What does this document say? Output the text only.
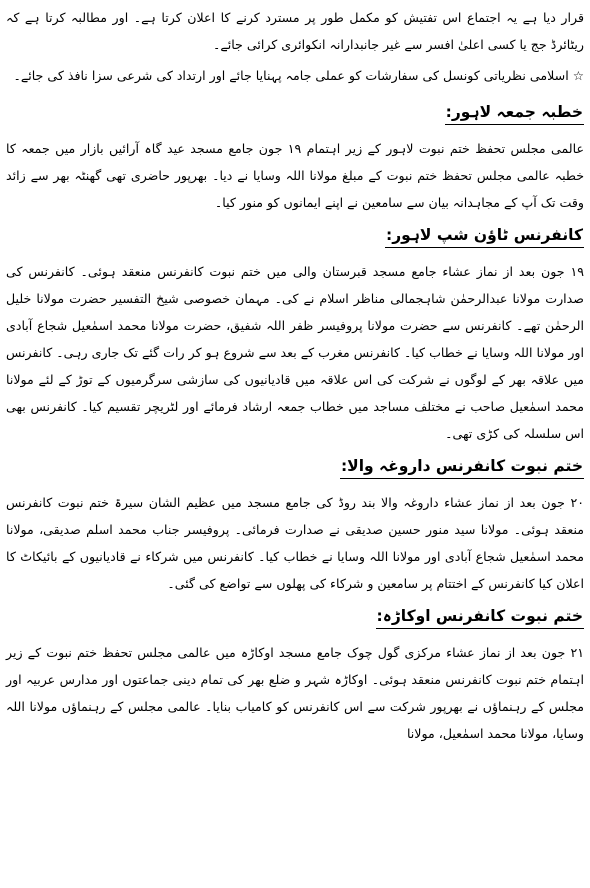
قرار دیا ہے یہ اجتماع اس تفتیش کو مکمل طور پر مسترد کرنے کا اعلان کرتا ہے۔ اور مطالبہ کرتا ہے کہ ریٹائرڈ جج یا کسی اعلیٰ افسر سے غیر جانبدارانہ انکوائری کرائی جائے۔

☆ اسلامی نظریاتی کونسل کی سفارشات کو عملی جامہ پہنایا جائے اور ارتداد کی شرعی سزا نافذ کی جائے۔

خطبہ جمعہ لاہور:

عالمی مجلس تحفظ ختم نبوت لاہور کے زیر اہتمام ۱۹ جون جامع مسجد عید گاہ آرائیں بازار میں جمعہ کا خطبہ عالمی مجلس تحفظ ختم نبوت کے مبلغ مولانا اللہ وسایا نے دیا۔ بھرپور حاضری تھی گھنٹہ بھر سے زائد وقت تک آپ کے مجاہدانہ بیان سے سامعین نے اپنے ایمانوں کو منور کیا۔

کانفرنس ٹاؤن شپ لاہور:

۱۹ جون بعد از نماز عشاء جامع مسجد قبرستان والی میں ختم نبوت کانفرنس منعقد ہوئی۔ کانفرنس کی صدارت مولانا عبدالرحمٰن شاہجمالی مناظر اسلام نے کی۔ مہمان خصوصی شیخ التفسیر حضرت مولانا خلیل الرحمٰن تھے۔ کانفرنس سے حضرت مولانا پروفیسر ظفر اللہ شفیق، حضرت مولانا محمد اسمٰعیل شجاع آبادی اور مولانا اللہ وسایا نے خطاب کیا۔ کانفرنس مغرب کے بعد سے شروع ہو کر رات گئے تک جاری رہی۔ کانفرنس میں علاقہ بھر کے لوگوں نے شرکت کی اس علاقہ میں قادیانیوں کی سازشی سرگرمیوں کے توڑ کے لئے مولانا محمد اسمٰعیل صاحب نے مختلف مساجد میں خطاب جمعہ ارشاد فرمائے اور لٹریچر تقسیم کیا۔ کانفرنس بھی اس سلسلہ کی کڑی تھی۔

ختم نبوت کانفرنس داروغہ والا:

۲۰ جون بعد از نماز عشاء داروغہ والا بند روڈ کی جامع مسجد میں عظیم الشان سیرۃ ختم نبوت کانفرنس منعقد ہوئی۔ مولانا سید منور حسین صدیقی نے صدارت فرمائی۔ پروفیسر جناب محمد اسلم صدیقی، مولانا محمد اسمٰعیل شجاع آبادی اور مولانا اللہ وسایا نے خطاب کیا۔ کانفرنس میں شرکاء نے قادیانیوں کے بائیکاٹ کا اعلان کیا کانفرنس کے اختتام پر سامعین و شرکاء کی پھلوں سے تواضع کی گئی۔

ختم نبوت کانفرنس اوکاڑہ:

۲۱ جون بعد از نماز عشاء مرکزی گول چوک جامع مسجد اوکاڑہ میں عالمی مجلس تحفظ ختم نبوت کے زیر اہتمام ختم نبوت کانفرنس منعقد ہوئی۔ اوکاڑہ شہر و ضلع بھر کی تمام دینی جماعتوں اور مدارس عربیہ اور مجلس کے رہنماؤں نے بھرپور شرکت سے اس کانفرنس کو کامیاب بنایا۔ عالمی مجلس کے رہنماؤں مولانا اللہ وسایا، مولانا محمد اسمٰعیل، مولانا
